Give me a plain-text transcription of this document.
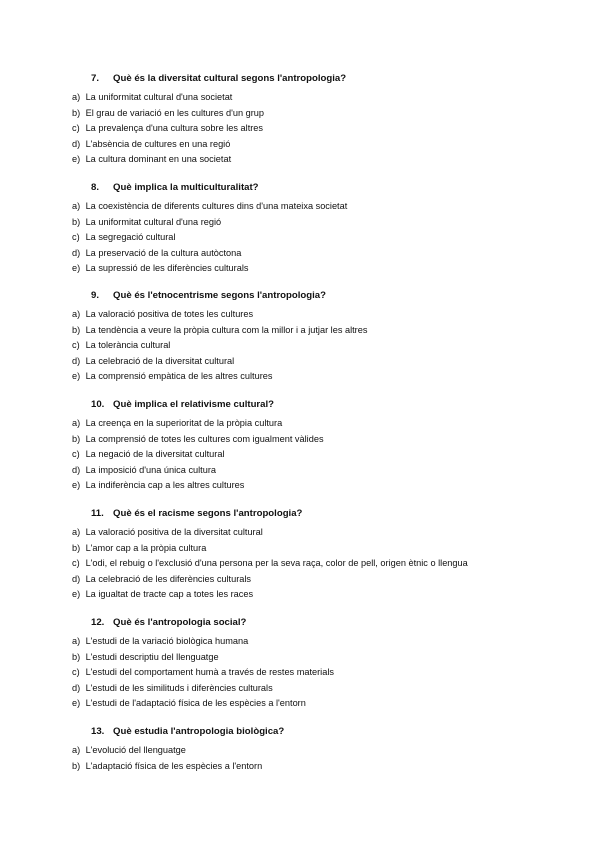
7. Què és la diversitat cultural segons l'antropologia?
a) La uniformitat cultural d'una societat
b) El grau de variació en les cultures d'un grup
c) La prevalença d'una cultura sobre les altres
d) L'absència de cultures en una regió
e) La cultura dominant en una societat
8. Què implica la multiculturalitat?
a) La coexistència de diferents cultures dins d'una mateixa societat
b) La uniformitat cultural d'una regió
c) La segregació cultural
d) La preservació de la cultura autòctona
e) La supressió de les diferències culturals
9. Què és l'etnocentrisme segons l'antropologia?
a) La valoració positiva de totes les cultures
b) La tendència a veure la pròpia cultura com la millor i a jutjar les altres
c) La tolerància cultural
d) La celebració de la diversitat cultural
e) La comprensió empàtica de les altres cultures
10. Què implica el relativisme cultural?
a) La creença en la superioritat de la pròpia cultura
b) La comprensió de totes les cultures com igualment vàlides
c) La negació de la diversitat cultural
d) La imposició d'una única cultura
e) La indiferència cap a les altres cultures
11. Què és el racisme segons l'antropologia?
a) La valoració positiva de la diversitat cultural
b) L'amor cap a la pròpia cultura
c) L'odi, el rebuig o l'exclusió d'una persona per la seva raça, color de pell, origen ètnic o llengua
d) La celebració de les diferències culturals
e) La igualtat de tracte cap a totes les races
12. Què és l'antropologia social?
a) L'estudi de la variació biològica humana
b) L'estudi descriptiu del llenguatge
c) L'estudi del comportament humà a través de restes materials
d) L'estudi de les similituds i diferències culturals
e) L'estudi de l'adaptació física de les espècies a l'entorn
13. Què estudia l'antropologia biològica?
a) L'evolució del llenguatge
b) L'adaptació física de les espècies a l'entorn
